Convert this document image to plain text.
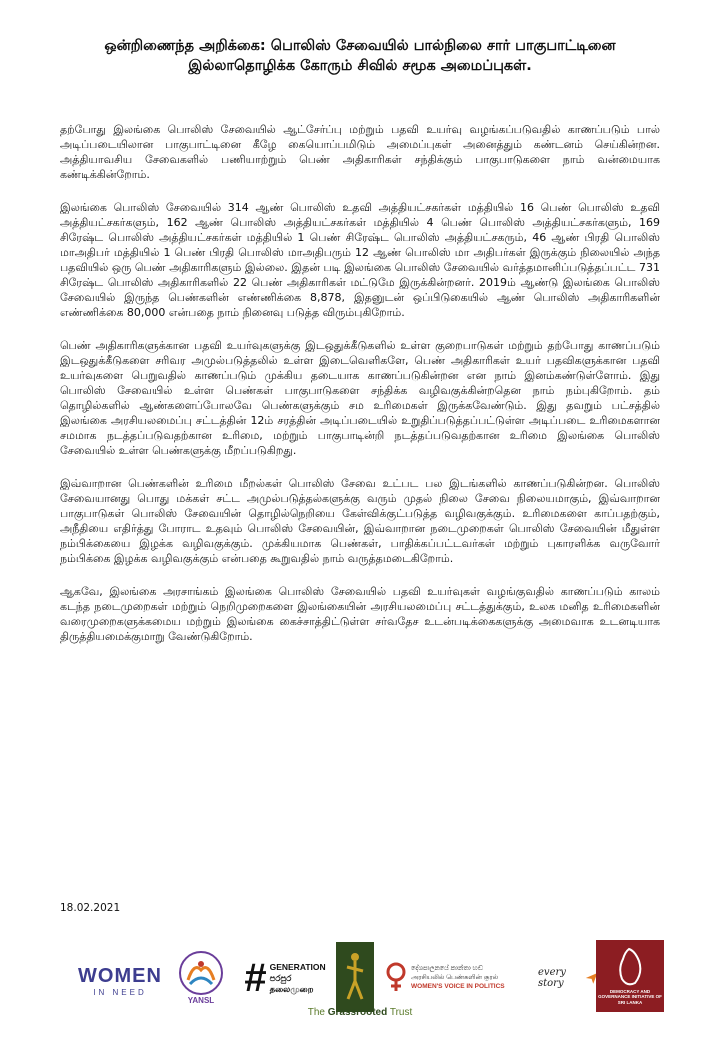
ஒன்றிணைந்த அறிக்கை: பொலிஸ் சேவையில் பால்நிலை சார் பாகுபாட்டினை இல்லாதொழிக்க கோரும் சிவில் சமூக அமைப்புகள்.

தற்போது இலங்கை பொலிஸ் சேவையில் ஆட்சேர்ப்பு மற்றும் பதவி உயர்வு வழங்கப்படுவதில் காணப்படும் பால் அடிப்படையிலான பாகுபாட்டினை கீழே கையொப்பமிடும் அமைப்புகள் அனைத்தும் கண்டனம் செய்கின்றன. அத்தியாவசிய சேவைகளில் பணியாற்றும் பெண் அதிகாரிகள் சந்திக்கும் பாகுபாடுகளை நாம் வன்மையாக கண்டிக்கின்றோம்.

இலங்கை பொலிஸ் சேவையில் 314 ஆண் பொலிஸ் உதவி அத்தியட்சகர்கள் மத்தியில் 16 பெண் பொலிஸ் உதவி அத்தியட்சகர்களும், 162 ஆண் பொலிஸ் அத்தியட்சகர்கள் மத்தியில் 4 பெண் பொலிஸ் அத்தியட்சகர்களும், 169 சிரேஷ்ட பொலிஸ் அத்தியட்சகர்கள் மத்தியில் 1 பெண் சிரேஷ்ட பொலிஸ் அத்தியட்சகரும், 46 ஆண் பிரதி பொலிஸ் மாஅதிபர் மத்தியில் 1 பெண் பிரதி பொலிஸ் மாஅதிபரும் 12 ஆண் பொலிஸ் மா அதிபர்கள் இருக்கும் நிலையில் அந்த பதவியில் ஒரு பெண் அதிகாரிகளும் இல்லை. இதன் படி இலங்கை பொலிஸ் சேவையில் வர்த்தமானிப்படுத்தப்பட்ட 731 சிரேஷ்ட பொலிஸ் அதிகாரிகளில் 22 பெண் அதிகாரிகள் மட்டுமே இருக்கின்றனர். 2019ம் ஆண்டு இலங்கை பொலிஸ் சேவையில் இருந்த பெண்களின் எண்ணிக்கை 8,878, இதனுடன் ஒப்பிடுகையில் ஆண் பொலிஸ் அதிகாரிகளின் எண்ணிக்கை 80,000 என்பதை நாம் நினைவு படுத்த விரும்புகிறோம்.

பெண் அதிகாரிகளுக்கான பதவி உயர்வுகளுக்கு இடஒதுக்கீடுகளில் உள்ள குறைபாடுகள் மற்றும் தற்போது காணப்படும் இடஒதுக்கீடுகளை சரிவர அமுல்படுத்தலில் உள்ள இடைவெளிகளே, பெண் அதிகாரிகள் உயர் பதவிகளுக்கான பதவி உயர்வுகளை பெறுவதில் காணப்படும் முக்கிய தடையாக காணப்படுகின்றன என நாம் இனம்கண்டுள்ளோம். இது பொலிஸ் சேவையில் உள்ள பெண்கள் பாகுபாடுகளை சந்திக்க வழிவகுக்கின்றதென நாம் நம்புகிறோம். தம் தொழில்களில் ஆண்களைப்போலவே பெண்களுக்கும் சம உரிமைகள் இருக்கவேண்டும். இது தவறும் பட்சத்தில் இலங்கை அரசியலமைப்பு சட்டத்தின் 12ம் சரத்தின் அடிப்படையில் உறுதிப்படுத்தப்பட்டுள்ள அடிப்படை உரிமைகளான சமமாக நடத்தப்படுவதற்கான உரிமை, மற்றும் பாகுபாடின்றி நடத்தப்படுவதற்கான உரிமை இலங்கை பொலிஸ் சேவையில் உள்ள பெண்களுக்கு மீறப்படுகிறது.

இவ்வாறான பெண்களின் உரிமை மீறல்கள் பொலிஸ் சேவை உட்பட பல இடங்களில் காணப்படுகின்றன. பொலிஸ் சேவையானது பொது மக்கள் சட்ட அமுல்படுத்தல்களுக்கு வரும் முதல் நிலை சேவை நிலையமாகும், இவ்வாறான பாகுபாடுகள் பொலிஸ் சேவையின் தொழில்நெறியை கேள்விக்குட்படுத்த வழிவகுக்கும். உரிமைகளை காப்பதற்கும், அநீதியை எதிர்த்து போராட உதவும் பொலிஸ் சேவையின், இவ்வாறான நடைமுறைகள் பொலிஸ் சேவையின் மீதுள்ள நம்பிக்கையை இழக்க வழிவகுக்கும். முக்கியமாக பெண்கள், பாதிக்கப்பட்டவர்கள் மற்றும் புகாரளிக்க வருவோர் நம்பிக்கை இழக்க வழிவகுக்கும் என்பதை கூறுவதில் நாம் வருத்தமடைகிறோம்.

ஆகவே, இலங்கை அரசாங்கம் இலங்கை பொலிஸ் சேவையில் பதவி உயர்வுகள் வழங்குவதில் காணப்படும் காலம் கடந்த நடைமுறைகள் மற்றும் நெறிமுறைகளை இலங்கையின் அரசியலமைப்பு சட்டத்துக்கும், உலக மனித உரிமைகளின் வரைமுறைகளுக்கமைய மற்றும் இலங்கை கைச்சாத்திட்டுள்ள சர்வதேச உடன்படிக்கைகளுக்கு அமைவாக உடனடியாக திருத்தியமைக்குமாறு வேண்டுகிறோம்.

18.02.2021

WOMEN
IN NEED
YANSL # GENERATION
පරපුර
தலைமுறை
දේශපාලනයේ කාන්තා හඬ
அரசியலில் பெண்களின் குரல்
WOMEN'S VOICE IN POLITICS
every story
DEMOCRACY AND GOVERNANCE INITIATIVE OF SRI LANKA
The Grassrooted Trust
